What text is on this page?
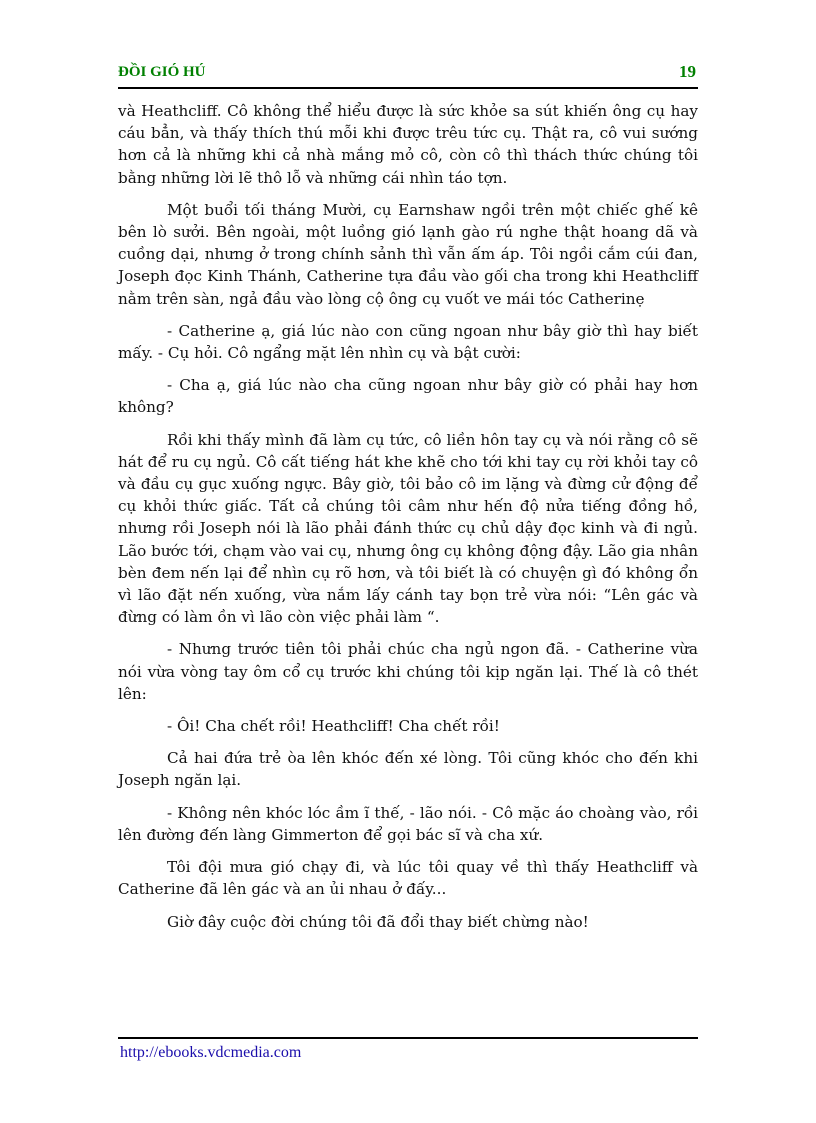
ĐỒI GIÓ HÚ	19

và Heathcliff. Cô không thể hiểu được là sức khỏe sa sút khiến ông cụ hay cáu bẳn, và thấy thích thú mỗi khi được trêu tức cụ. Thật ra, cô vui sướng hơn cả là những khi cả nhà mắng mỏ cô, còn cô thì thách thức chúng tôi bằng những lời lẽ thô lỗ và những cái nhìn táo tợn.

Một buổi tối tháng Mười, cụ Earnshaw ngồi trên một chiếc ghế kê bên lò sưởi. Bên ngoài, một luồng gió lạnh gào rú nghe thật hoang dã và cuồng dại, nhưng ở trong chính sảnh thì vẫn ấm áp. Tôi ngồi cắm cúi đan, Joseph đọc Kinh Thánh, Catherine tựa đầu vào gối cha trong khi Heathcliff nằm trên sàn, ngả đầu vào lòng cộ ông cụ vuốt ve mái tóc Catherinẹ

- Catherine ạ, giá lúc nào con cũng ngoan như bây giờ thì hay biết mấy. - Cụ hỏi. Cô ngẩng mặt lên nhìn cụ và bật cười:

- Cha ạ, giá lúc nào cha cũng ngoan như bây giờ có phải hay hơn không?

Rồi khi thấy mình đã làm cụ tức, cô liền hôn tay cụ và nói rằng cô sẽ hát để ru cụ ngủ. Cô cất tiếng hát khe khẽ cho tới khi tay cụ rời khỏi tay cô và đầu cụ gục xuống ngực. Bây giờ, tôi bảo cô im lặng và đừng cử động để cụ khỏi thức giấc. Tất cả chúng tôi câm như hến độ nửa tiếng đồng hồ, nhưng rồi Joseph nói là lão phải đánh thức cụ chủ dậy đọc kinh và đi ngủ. Lão bước tới, chạm vào vai cụ, nhưng ông cụ không động đậy. Lão gia nhân bèn đem nến lại để nhìn cụ rõ hơn, và tôi biết là có chuyện gì đó không ổn vì lão đặt nến xuống, vừa nắm lấy cánh tay bọn trẻ vừa nói: “Lên gác và đừng có làm ồn vì lão còn việc phải làm “.

- Nhưng trước tiên tôi phải chúc cha ngủ ngon đã. - Catherine vừa nói vừa vòng tay ôm cổ cụ trước khi chúng tôi kịp ngăn lại. Thế là cô thét lên:

- Ôi! Cha chết rồi! Heathcliff! Cha chết rồi!

Cả hai đứa trẻ òa lên khóc đến xé lòng. Tôi cũng khóc cho đến khi Joseph ngăn lại.

- Không nên khóc lóc ầm ĩ thế, - lão nói. - Cô mặc áo choàng vào, rồi lên đường đến làng Gimmerton để gọi bác sĩ và cha xứ.

Tôi đội mưa gió chạy đi, và lúc tôi quay về thì thấy Heathcliff và Catherine đã lên gác và an ủi nhau ở đấy...

Giờ đây cuộc đời chúng tôi đã đổi thay biết chừng nào!

http://ebooks.vdcmedia.com
